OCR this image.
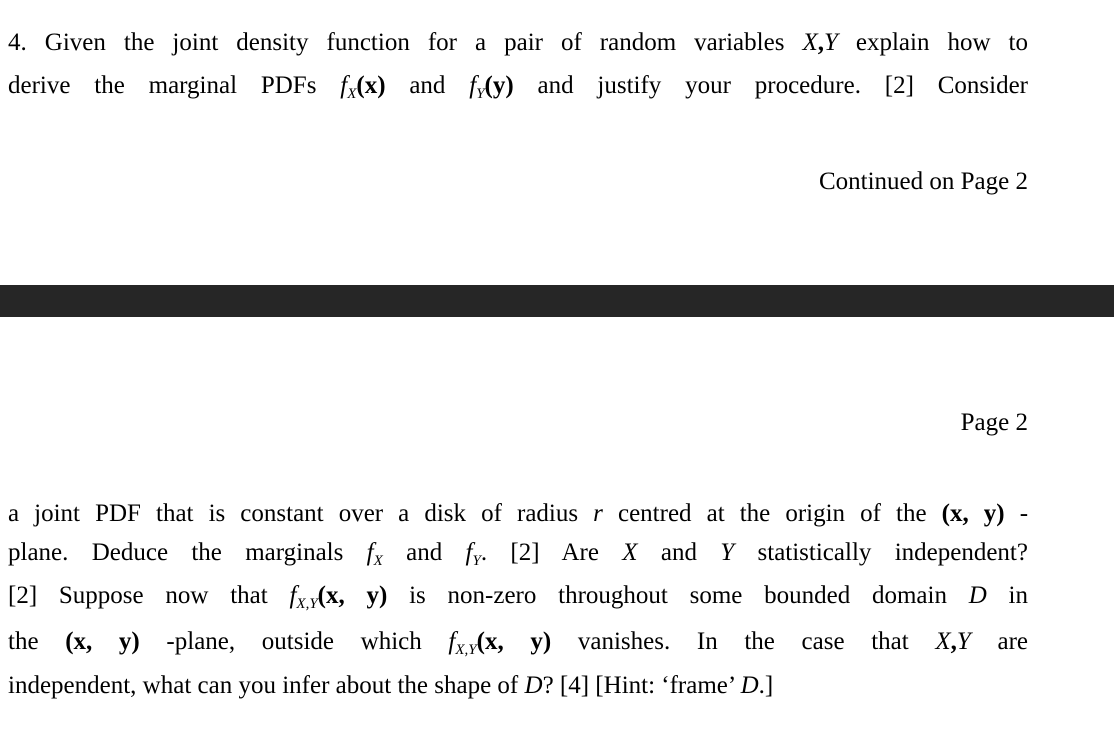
4. Given the joint density function for a pair of random variables X,Y explain how to
derive the marginal PDFs $f_X(x)$ and $f_Y(y)$ and justify your procedure. [2] Consider
Continued on Page 2
Page 2
a joint PDF that is constant over a disk of radius r centred at the origin of the (x, y) -
plane. Deduce the marginals $f_X$ and $f_Y$. [2] Are X and Y statistically independent?
[2] Suppose now that $f_{X,Y}(x$, y) is non-zero throughout some bounded domain D in
the (x, y) -plane, outside which $f_{X,Y}(x$, y) vanishes. In the case that X,Y are
independent, what can you infer about the shape of D? [4] [Hint: ‘frame’ D.]
